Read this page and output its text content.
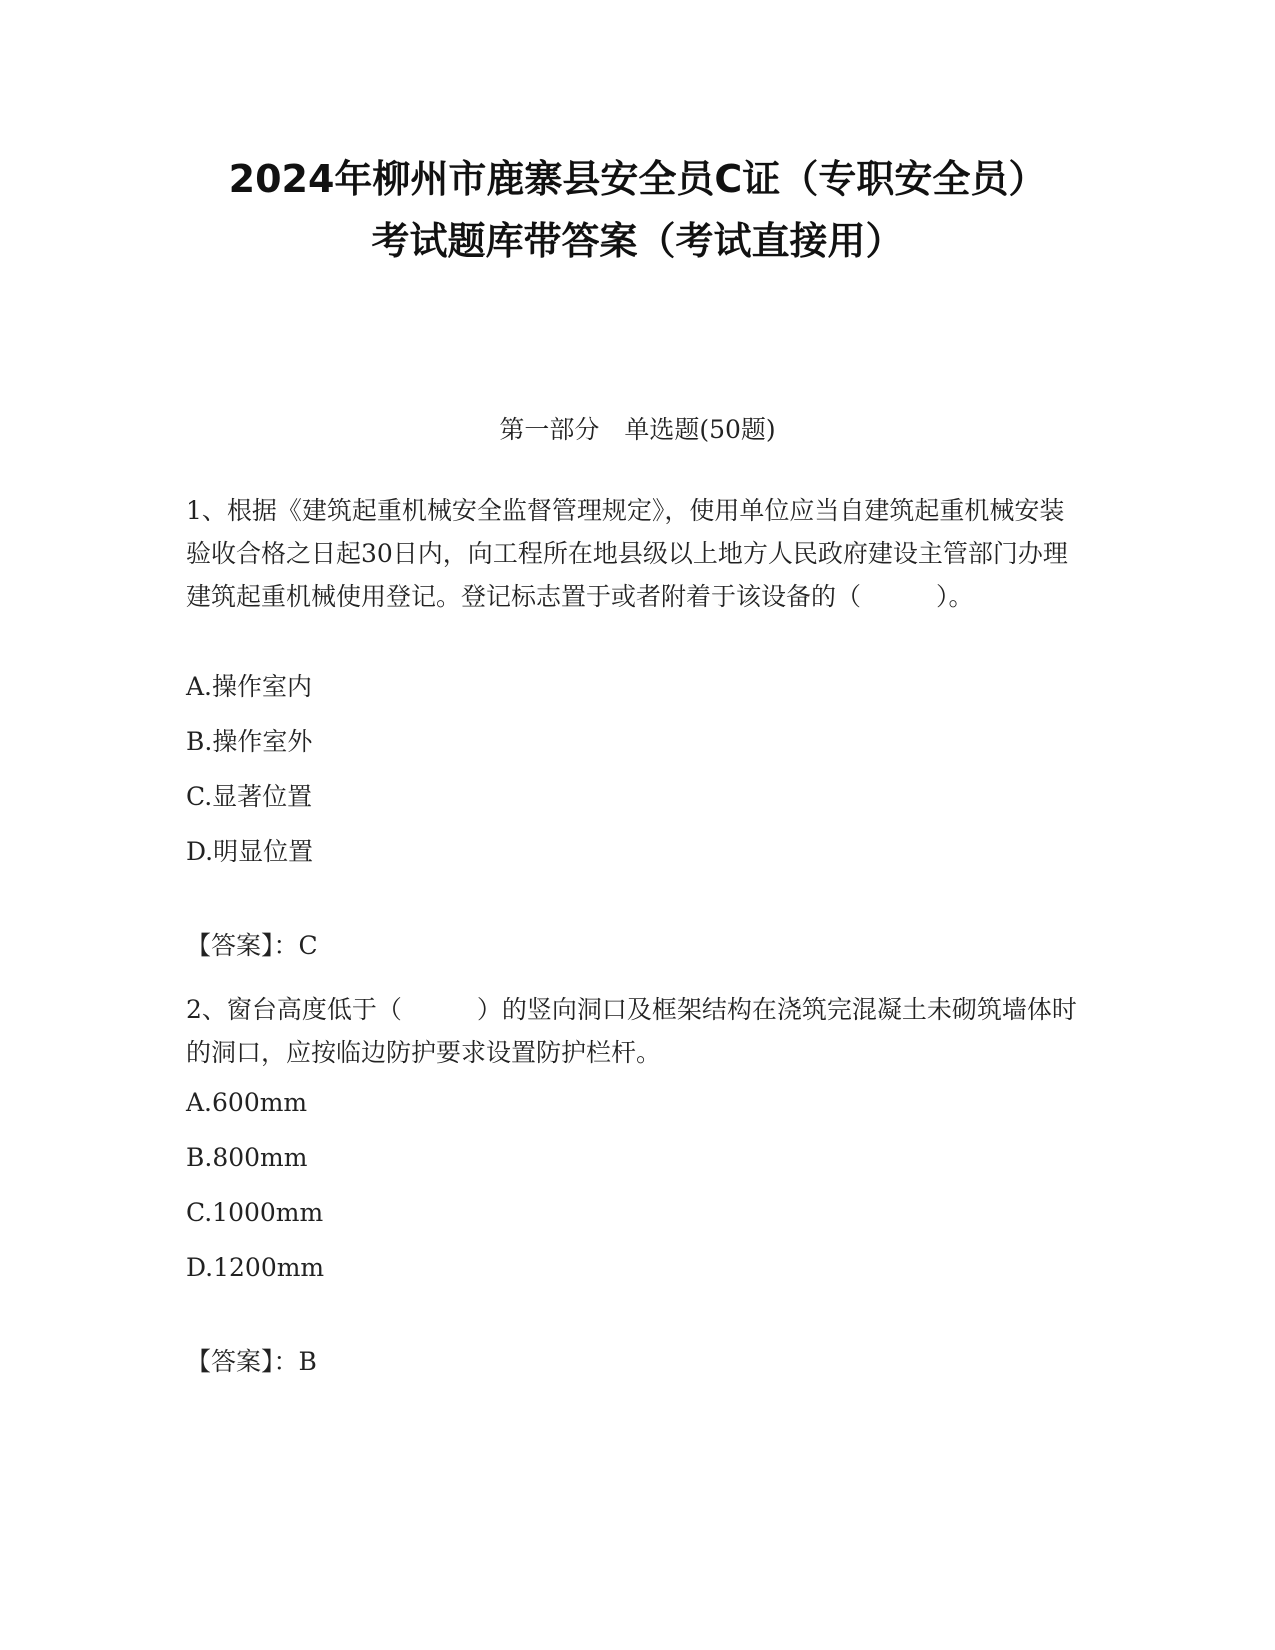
2024年柳州市鹿寨县安全员C证（专职安全员）
考试题库带答案（考试直接用）

第一部分　单选题(50题)

1、根据《建筑起重机械安全监督管理规定》，使用单位应当自建筑起重机械安装验收合格之日起30日内，向工程所在地县级以上地方人民政府建设主管部门办理建筑起重机械使用登记。登记标志置于或者附着于该设备的（　　　）。

A.操作室内

B.操作室外

C.显著位置

D.明显位置

【答案】：C

2、窗台高度低于（　　　）的竖向洞口及框架结构在浇筑完混凝土未砌筑墙体时的洞口，应按临边防护要求设置防护栏杆。

A.600mm

B.800mm

C.1000mm

D.1200mm

【答案】：B
